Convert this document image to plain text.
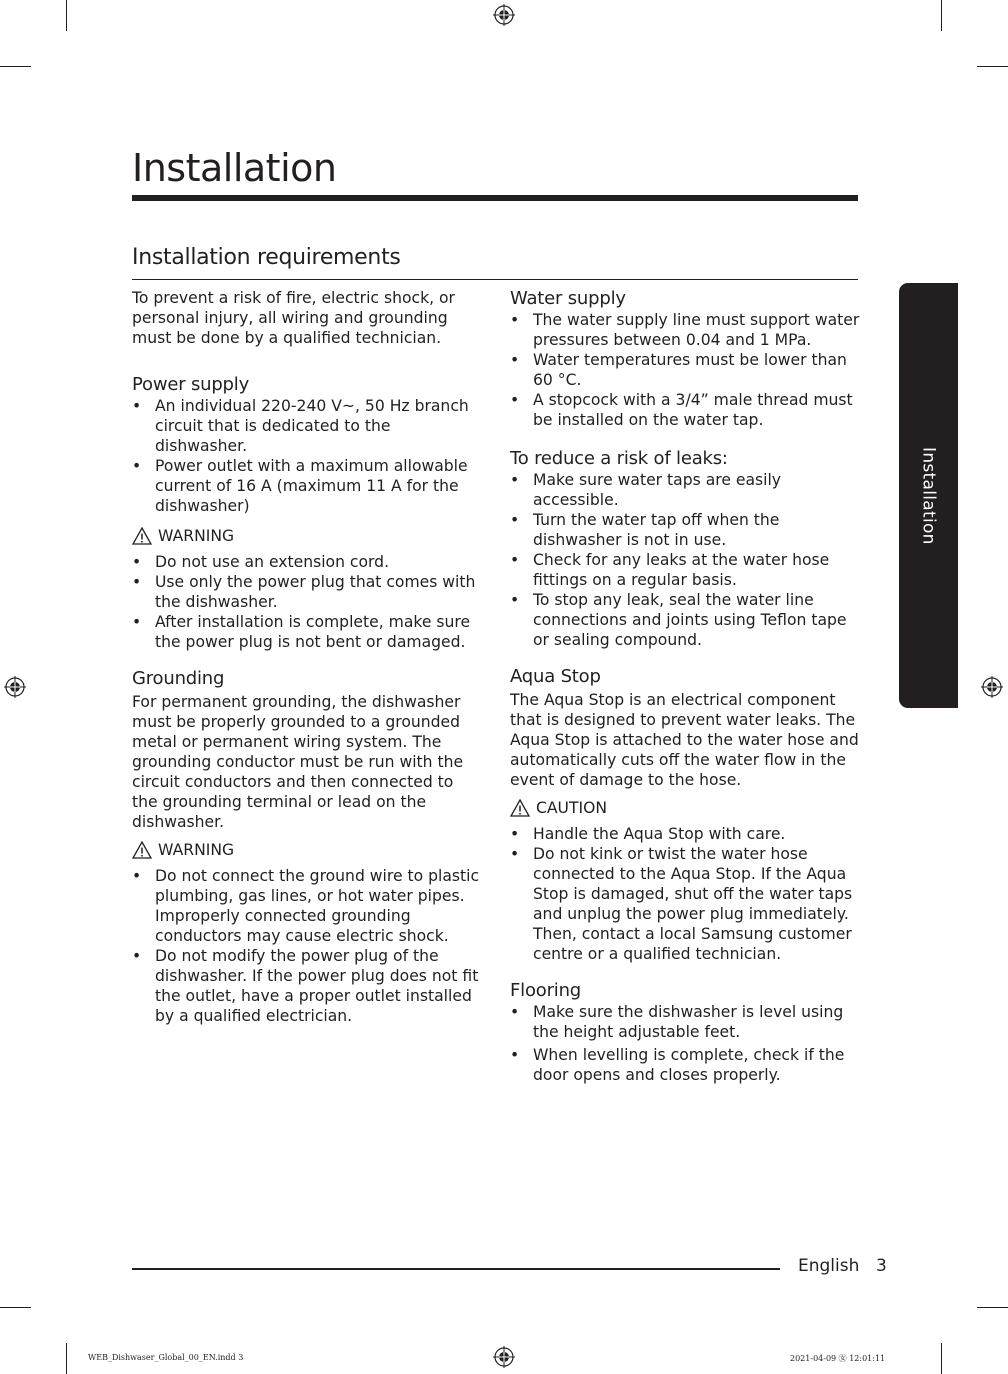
Installation
Installation requirements

To prevent a risk of fire, electric shock, or personal injury, all wiring and grounding must be done by a qualified technician.

Power supply
• An individual 220-240 V~, 50 Hz branch circuit that is dedicated to the dishwasher.
• Power outlet with a maximum allowable current of 16 A (maximum 11 A for the dishwasher)
WARNING
• Do not use an extension cord.
• Use only the power plug that comes with the dishwasher.
• After installation is complete, make sure the power plug is not bent or damaged.
Grounding

For permanent grounding, the dishwasher must be properly grounded to a grounded metal or permanent wiring system. The grounding conductor must be run with the circuit conductors and then connected to the grounding terminal or lead on the dishwasher.

WARNING
• Do not connect the ground wire to plastic plumbing, gas lines, or hot water pipes. Improperly connected grounding conductors may cause electric shock.
• Do not modify the power plug of the dishwasher. If the power plug does not fit the outlet, have a proper outlet installed by a qualified electrician.
Water supply
• The water supply line must support water pressures between 0.04 and 1 MPa.
• Water temperatures must be lower than 60 °C.
• A stopcock with a 3/4” male thread must be installed on the water tap.
To reduce a risk of leaks:
• Make sure water taps are easily accessible.
• Turn the water tap off when the dishwasher is not in use.
• Check for any leaks at the water hose fittings on a regular basis.
• To stop any leak, seal the water line connections and joints using Teflon tape or sealing compound.
Aqua Stop

The Aqua Stop is an electrical component that is designed to prevent water leaks. The Aqua Stop is attached to the water hose and automatically cuts off the water flow in the event of damage to the hose.

CAUTION
• Handle the Aqua Stop with care.
• Do not kink or twist the water hose connected to the Aqua Stop. If the Aqua Stop is damaged, shut off the water taps and unplug the power plug immediately. Then, contact a local Samsung customer centre or a qualified technician.
Flooring
• Make sure the dishwasher is level using the height adjustable feet.
• When levelling is complete, check if the door opens and closes properly.
Installation
English 3
WEB_Dishwaser_Global_00_EN.indd 3	2021-04-09 ㊛ 12:01:11
